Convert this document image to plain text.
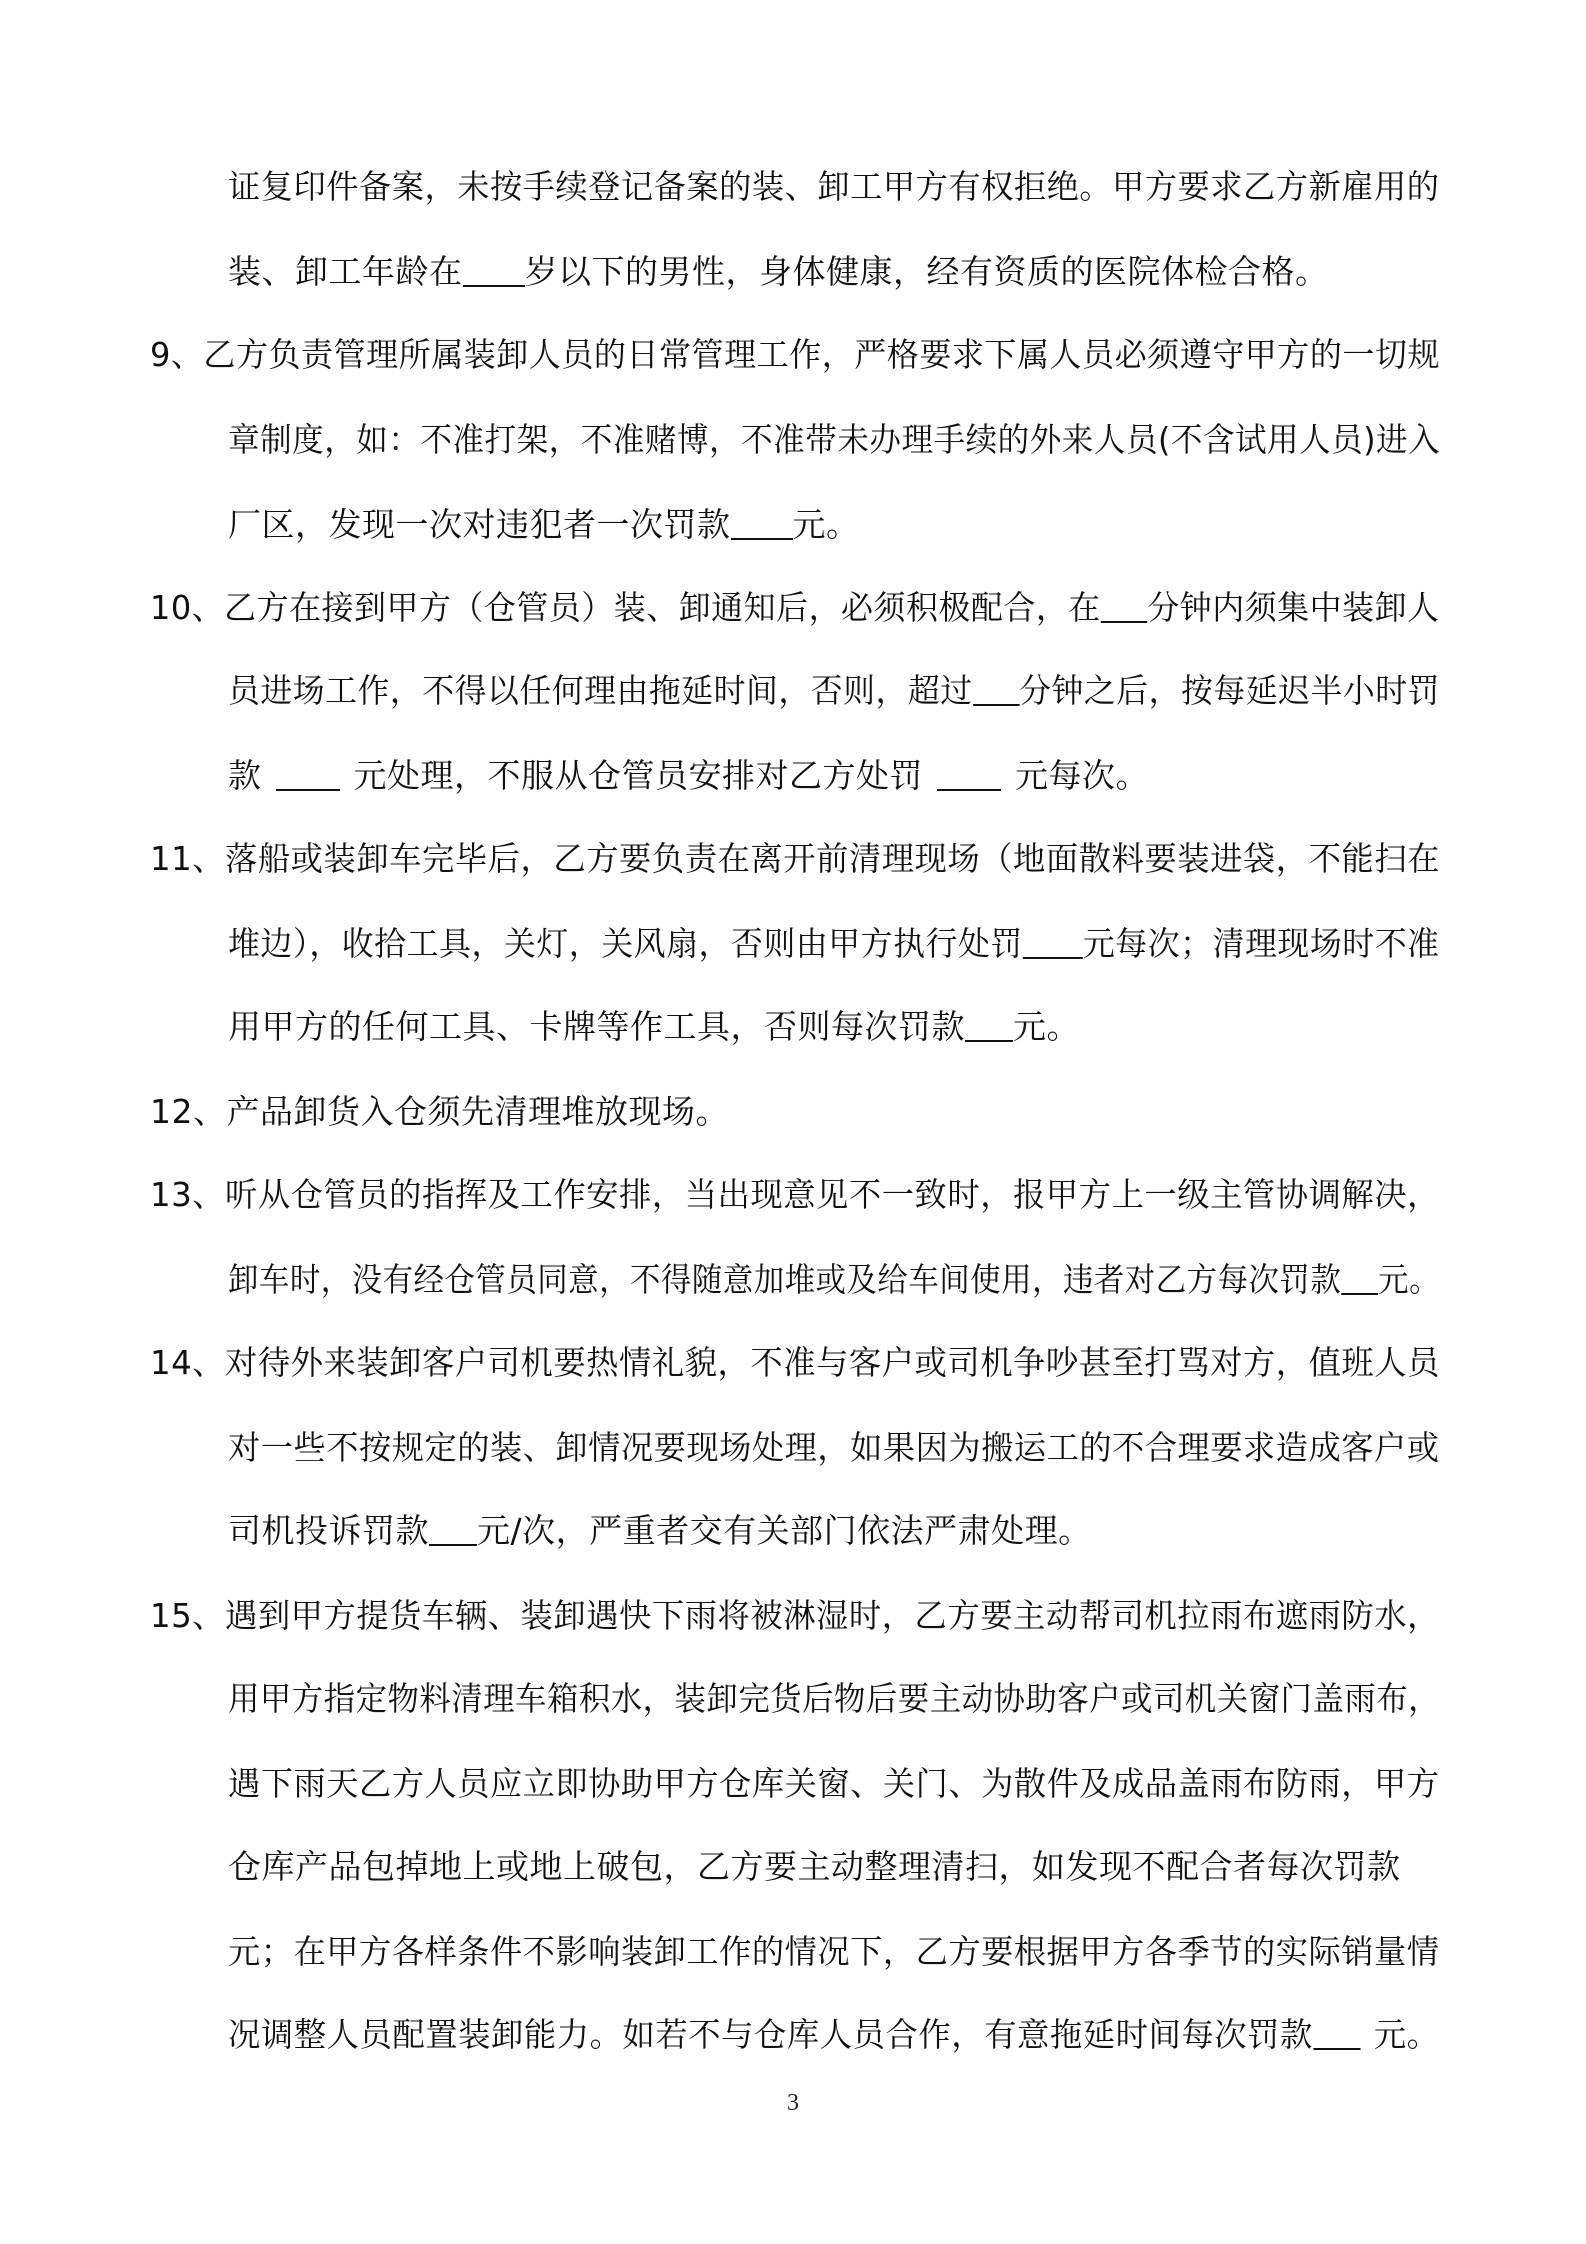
证复印件备案，未按手续登记备案的装、卸工甲方有权拒绝。甲方要求乙方新雇用的
装、卸工年龄在 岁以下的男性，身体健康，经有资质的医院体检合格。
9、乙方负责管理所属装卸人员的日常管理工作，严格要求下属人员必须遵守甲方的一切规
章制度，如：不准打架，不准赌博，不准带未办理手续的外来人员(不含试用人员)进入
厂区，发现一次对违犯者一次罚款 元。
10、乙方在接到甲方（仓管员）装、卸通知后，必须积极配合，在 分钟内须集中装卸人
员进场工作，不得以任何理由拖延时间，否则，超过 分钟之后，按每延迟半小时罚
款	元处理，不服从仓管员安排对乙方处罚	元每次。
11、落船或装卸车完毕后，乙方要负责在离开前清理现场（地面散料要装进袋，不能扫在
堆边），收拾工具，关灯，关风扇，否则由甲方执行处罚 元每次；清理现场时不准
用甲方的任何工具、卡牌等作工具，否则每次罚款 元。
12、产品卸货入仓须先清理堆放现场。
13、听从仓管员的指挥及工作安排，当出现意见不一致时，报甲方上一级主管协调解决，
卸车时，没有经仓管员同意，不得随意加堆或及给车间使用，违者对乙方每次罚款 元。
14、对待外来装卸客户司机要热情礼貌，不准与客户或司机争吵甚至打骂对方，值班人员
对一些不按规定的装、卸情况要现场处理，如果因为搬运工的不合理要求造成客户或
司机投诉罚款 元/次，严重者交有关部门依法严肃处理。
15、遇到甲方提货车辆、装卸遇快下雨将被淋湿时，乙方要主动帮司机拉雨布遮雨防水，
用甲方指定物料清理车箱积水，装卸完货后物后要主动协助客户或司机关窗门盖雨布，
遇下雨天乙方人员应立即协助甲方仓库关窗、关门、为散件及成品盖雨布防雨，甲方
仓库产品包掉地上或地上破包，乙方要主动整理清扫，如发现不配合者每次罚款
元；在甲方各样条件不影响装卸工作的情况下，乙方要根据甲方各季节的实际销量情
况调整人员配置装卸能力。如若不与仓库人员合作，有意拖延时间每次罚款 元。
3
